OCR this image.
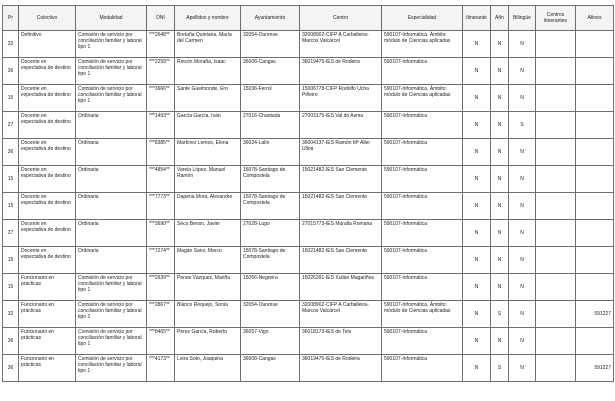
Pr	Colectivo	Modalidad	DNI	Apellidos y nombre	Ayuntamiento	Centro	Especialidad	Itinerante	Afín	Bilingüe	Centros itinerantes	Afines
32	Definitivo	Comisión de servicio por conciliación familiar y laboral tipo 1	***2648**	Bretaña Quintana, María del Carmen	32054-Ourense	32008902-CIFP A Carballeira-Marcos Valcárcel	590107-Informática. Ámbito: módulo de Ciencias aplicadas	N	N	N		
36	Docente en expectativa de destino	Comisión de servicio por conciliación familiar y laboral tipo 1	***2259**	Rincón Moraña, Isaac	36008-Cangas	36019475-IES de Rodeira	590107-Informática	N	N	N		
15	Docente en expectativa de destino	Comisión de servicio por conciliación familiar y laboral tipo 1	***3666**	Sante Guelmonde, Ero	15036-Ferrol	15006778-CIFP Rodolfo Ucha Piñeiro	590107-Informática. Ámbito: módulo de Ciencias aplicadas	N	N	N		
27	Docente en expectativa de destino	Ordinaria	***1493**	García García, Iván	27016-Chantada	27003175-IES Val do Asma	590107-Informática	N	N	S		
36	Docente en expectativa de destino	Ordinaria	***8385**	Martínez Lemos, Elena	36024-Lalín	36004137-IES Ramón Mª Aller Ulloa	590107-Informática	N	N	N		
15	Docente en expectativa de destino	Ordinaria	***4854**	Varela López, Manuel Ramón	15078-Santiago de Compostela	15021482-IES San Clemente	590107-Informática	N	N	N		
15	Docente en expectativa de destino	Ordinaria	***7773**	Dapena Mora, Alexandre	15078-Santiago de Compostela	15021482-IES San Clemente	590107-Informática	N	N	N		
27	Docente en expectativa de destino	Ordinaria	***3690**	Seco Benso, Javier	27028-Lugo	27015773-IES Muralla Romana	590107-Informática	N	N	N		
15	Docente en expectativa de destino	Ordinaria	***7274**	Magán Sanz, Marco	15078-Santiago de Compostela	15021482-IES San Clemente	590107-Informática	N	N	N		
15	Funcionario en prácticas	Comisión de servicio por conciliación familiar y laboral tipo 1	***2939**	Penas Vázquez, Mariña	15056-Negreira	15026391-IES Xulián Magariños	590107-Informática	N	N	N		
32	Funcionario en prácticas	Comisión de servicio por conciliación familiar y laboral tipo 2	***2867**	Blanco Requejo, Sonia	32054-Ourense	32008902-CIFP A Carballeira-Marcos Valcárcel	590107-Informática. Ámbito: módulo de Ciencias aplicadas	N	S	N		591227
36	Funcionario en prácticas	Comisión de servicio por conciliación familiar y laboral tipo 1	***8465**	Pérez García, Roberto	36057-Vigo	36018173-IES de Teis	590107-Informática	N	N	N		
36	Funcionario en prácticas	Comisión de servicio por conciliación familiar y laboral tipo 1	***4173**	Loira Soto, Joaquina	36008-Cangas	36019475-IES de Rodeira	590107-Informática	N	S	N		591227
